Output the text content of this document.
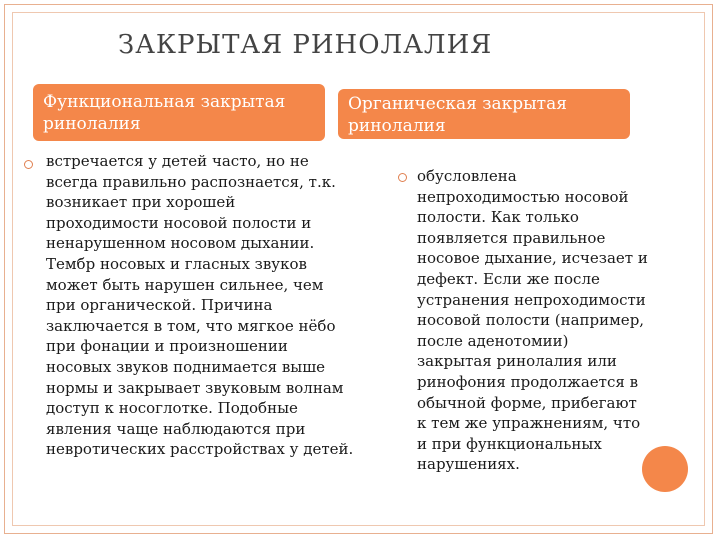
ЗАКРЫТАЯ РИНОЛАЛИЯ
Функциональная закрытая ринолалия
Органическая закрытая ринолалия
встречается у детей часто, но не
всегда правильно распознается, т.к.
возникает при хорошей
проходимости носовой полости и
ненарушенном носовом дыхании.
Тембр носовых и гласных звуков
может быть нарушен сильнее, чем
при органической. Причина
заключается в том, что мягкое нёбо
при фонации и произношении
носовых звуков поднимается выше
нормы и закрывает звуковым волнам
доступ к носоглотке. Подобные
явления чаще наблюдаются при
невротических расстройствах у детей.
обусловлена
непроходимостью носовой
полости. Как только
появляется правильное
носовое дыхание, исчезает и
дефект. Если же после
устранения непроходимости
носовой полости (например,
после аденотомии)
закрытая ринолалия или
ринофония продолжается в
обычной форме, прибегают
к тем же упражнениям, что
и при функциональных
нарушениях.
